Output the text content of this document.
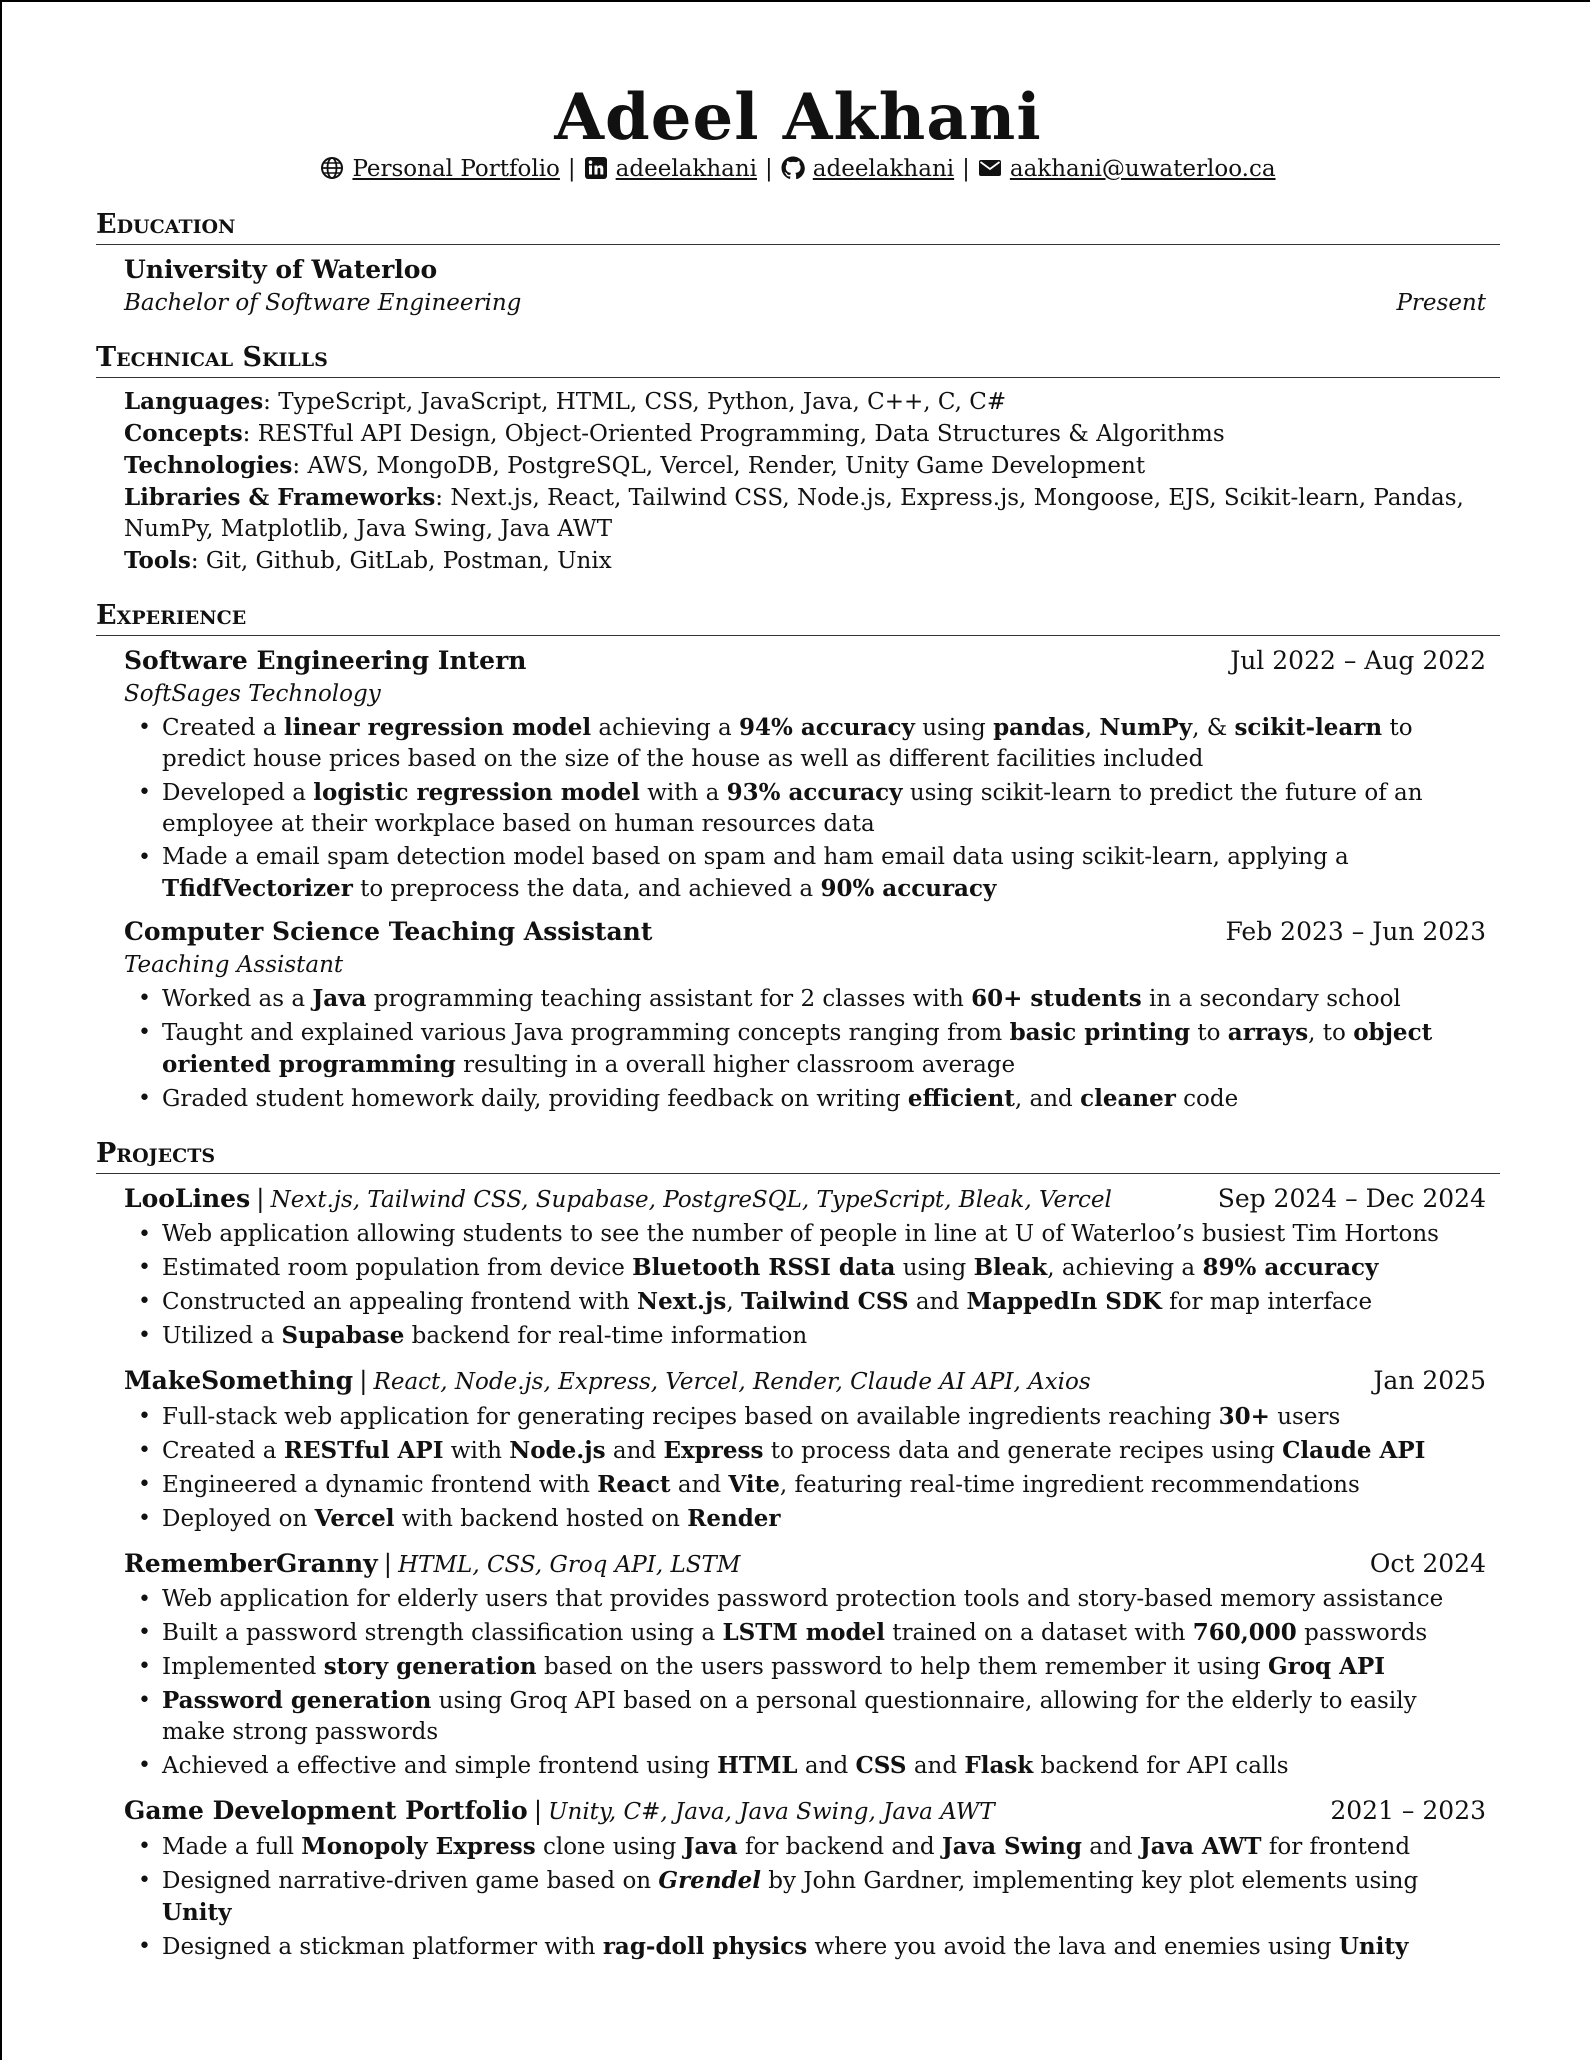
Adeel Akhani
Personal Portfolio | adeelakhani | adeelakhani | aakhani@uwaterloo.ca
Education
University of Waterloo
Bachelor of Software Engineering	Present
Technical Skills
Languages: TypeScript, JavaScript, HTML, CSS, Python, Java, C++, C, C#
Concepts: RESTful API Design, Object-Oriented Programming, Data Structures & Algorithms
Technologies: AWS, MongoDB, PostgreSQL, Vercel, Render, Unity Game Development
Libraries & Frameworks: Next.js, React, Tailwind CSS, Node.js, Express.js, Mongoose, EJS, Scikit-learn, Pandas, NumPy, Matplotlib, Java Swing, Java AWT
Tools: Git, Github, GitLab, Postman, Unix
Experience
Software Engineering Intern	Jul 2022 – Aug 2022
SoftSages Technology
• Created a linear regression model achieving a 94% accuracy using pandas, NumPy, & scikit-learn to predict house prices based on the size of the house as well as different facilities included
• Developed a logistic regression model with a 93% accuracy using scikit-learn to predict the future of an employee at their workplace based on human resources data
• Made a email spam detection model based on spam and ham email data using scikit-learn, applying a TfidfVectorizer to preprocess the data, and achieved a 90% accuracy
Computer Science Teaching Assistant	Feb 2023 – Jun 2023
Teaching Assistant
• Worked as a Java programming teaching assistant for 2 classes with 60+ students in a secondary school
• Taught and explained various Java programming concepts ranging from basic printing to arrays, to object oriented programming resulting in a overall higher classroom average
• Graded student homework daily, providing feedback on writing efficient, and cleaner code
Projects
LooLines | Next.js, Tailwind CSS, Supabase, PostgreSQL, TypeScript, Bleak, Vercel	Sep 2024 – Dec 2024
• Web application allowing students to see the number of people in line at U of Waterloo’s busiest Tim Hortons
• Estimated room population from device Bluetooth RSSI data using Bleak, achieving a 89% accuracy
• Constructed an appealing frontend with Next.js, Tailwind CSS and MappedIn SDK for map interface
• Utilized a Supabase backend for real-time information
MakeSomething | React, Node.js, Express, Vercel, Render, Claude AI API, Axios	Jan 2025
• Full-stack web application for generating recipes based on available ingredients reaching 30+ users
• Created a RESTful API with Node.js and Express to process data and generate recipes using Claude API
• Engineered a dynamic frontend with React and Vite, featuring real-time ingredient recommendations
• Deployed on Vercel with backend hosted on Render
RememberGranny | HTML, CSS, Groq API, LSTM	Oct 2024
• Web application for elderly users that provides password protection tools and story-based memory assistance
• Built a password strength classification using a LSTM model trained on a dataset with 760,000 passwords
• Implemented story generation based on the users password to help them remember it using Groq API
• Password generation using Groq API based on a personal questionnaire, allowing for the elderly to easily make strong passwords
• Achieved a effective and simple frontend using HTML and CSS and Flask backend for API calls
Game Development Portfolio | Unity, C#, Java, Java Swing, Java AWT	2021 – 2023
• Made a full Monopoly Express clone using Java for backend and Java Swing and Java AWT for frontend
• Designed narrative-driven game based on Grendel by John Gardner, implementing key plot elements using Unity
• Designed a stickman platformer with rag-doll physics where you avoid the lava and enemies using Unity
